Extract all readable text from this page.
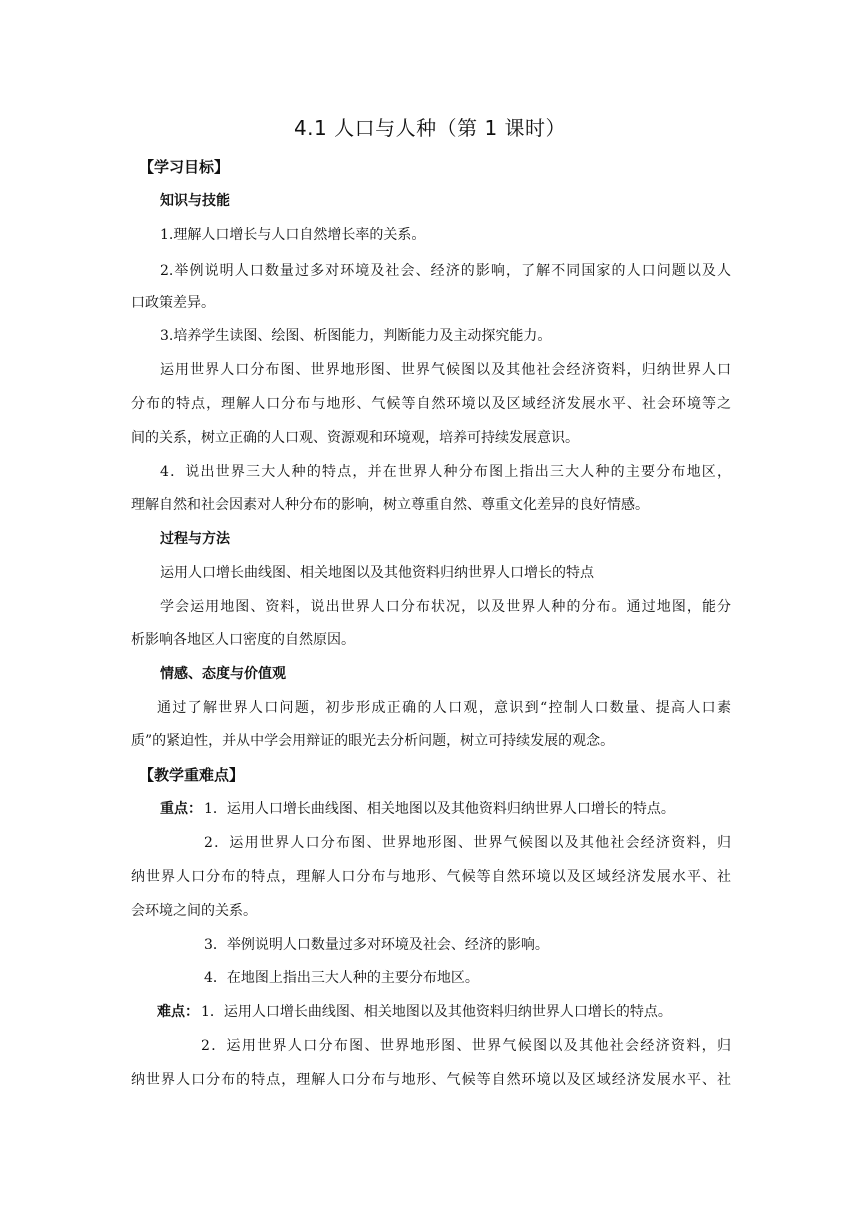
4.1 人口与人种（第 1 课时）
【学习目标】
知识与技能
1.理解人口增长与人口自然增长率的关系。
2.举例说明人口数量过多对环境及社会、经济的影响，了解不同国家的人口问题以及人
口政策差异。
3.培养学生读图、绘图、析图能力，判断能力及主动探究能力。
运用世界人口分布图、世界地形图、世界气候图以及其他社会经济资料，归纳世界人口
分布的特点，理解人口分布与地形、气候等自然环境以及区域经济发展水平、社会环境等之
间的关系，树立正确的人口观、资源观和环境观，培养可持续发展意识。
4．说出世界三大人种的特点，并在世界人种分布图上指出三大人种的主要分布地区，
理解自然和社会因素对人种分布的影响，树立尊重自然、尊重文化差异的良好情感。
过程与方法
运用人口增长曲线图、相关地图以及其他资料归纳世界人口增长的特点
学会运用地图、资料，说出世界人口分布状况，以及世界人种的分布。通过地图，能分
析影响各地区人口密度的自然原因。
情感、态度与价值观
通过了解世界人口问题，初步形成正确的人口观，意识到“控制人口数量、提高人口素
质”的紧迫性，并从中学会用辩证的眼光去分析问题，树立可持续发展的观念。
【教学重难点】
重点： 1．运用人口增长曲线图、相关地图以及其他资料归纳世界人口增长的特点。
2．运用世界人口分布图、世界地形图、世界气候图以及其他社会经济资料，归
纳世界人口分布的特点，理解人口分布与地形、气候等自然环境以及区域经济发展水平、社
会环境之间的关系。
3．举例说明人口数量过多对环境及社会、经济的影响。
4．在地图上指出三大人种的主要分布地区。
难点： 1．运用人口增长曲线图、相关地图以及其他资料归纳世界人口增长的特点。
2．运用世界人口分布图、世界地形图、世界气候图以及其他社会经济资料，归
纳世界人口分布的特点，理解人口分布与地形、气候等自然环境以及区域经济发展水平、社
